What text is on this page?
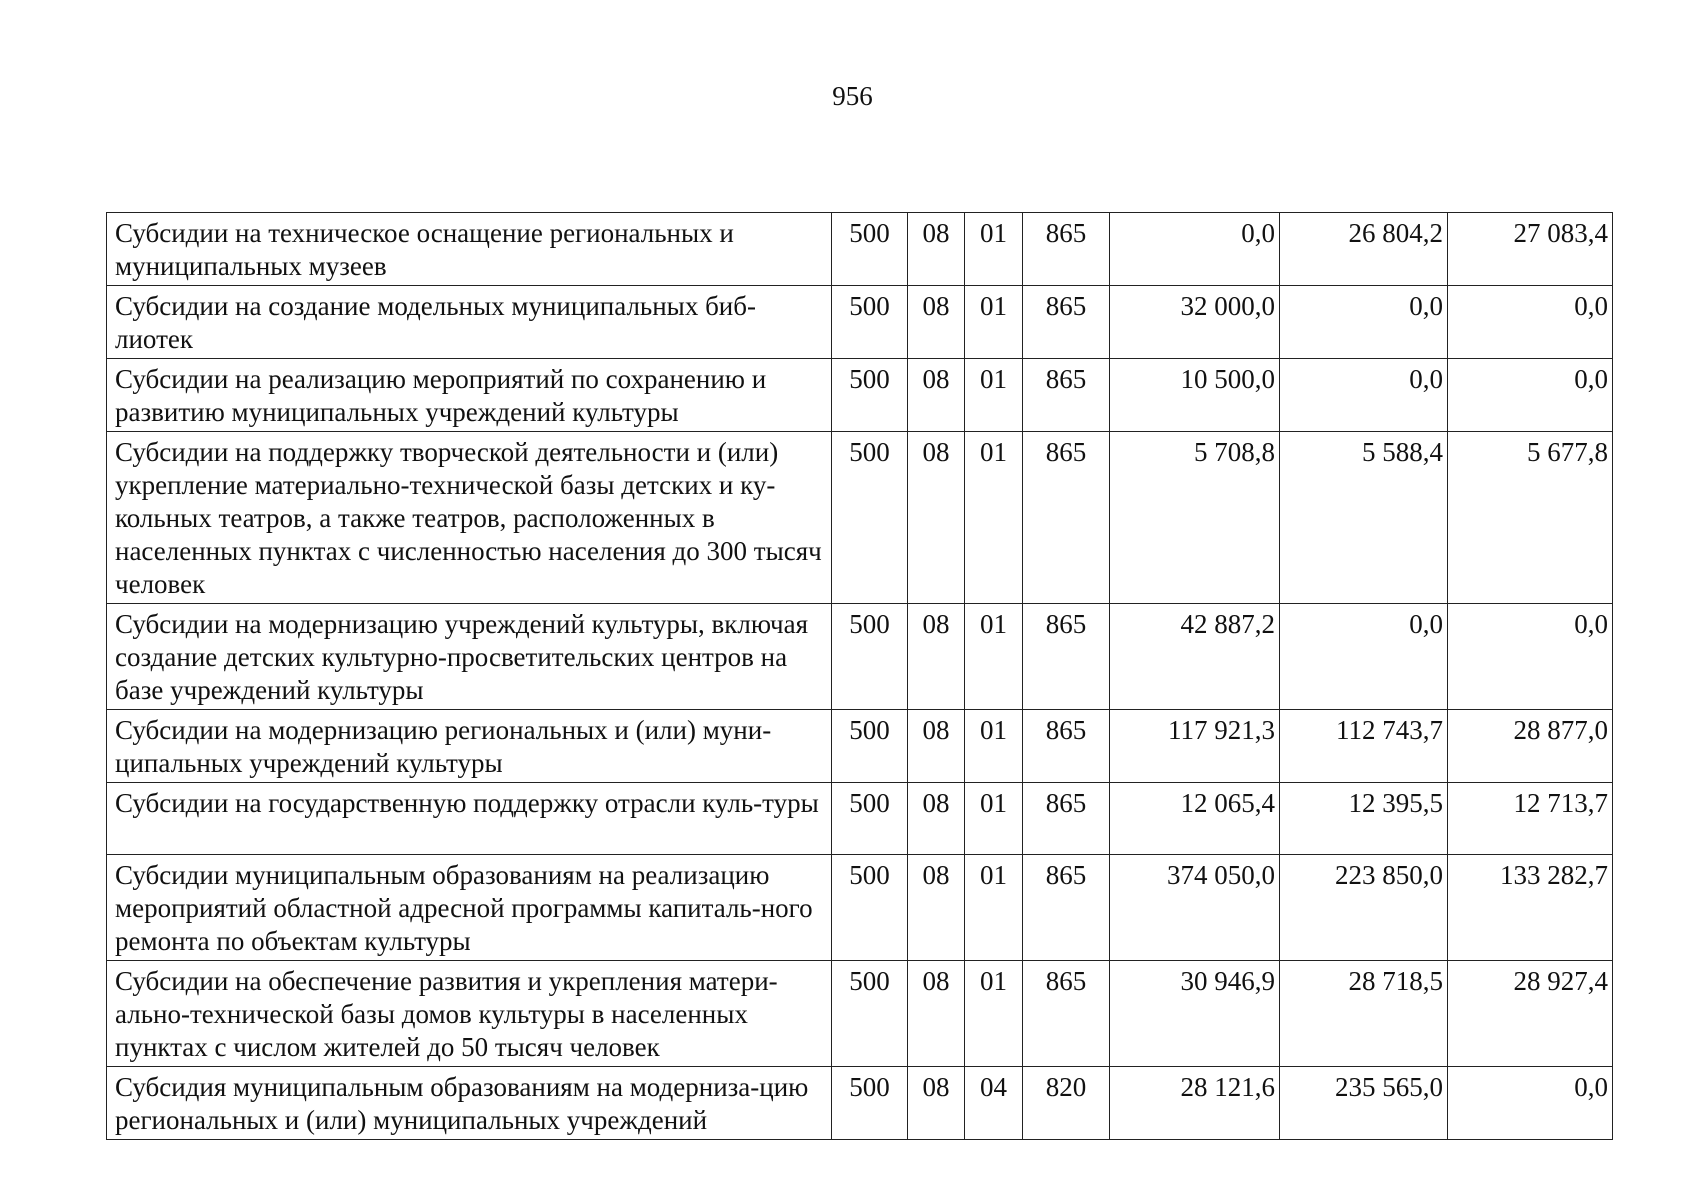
956
Субсидии на техническое оснащение региональных и муниципальных музеев	500	08	01	865	0,0	26 804,2	27 083,4
Субсидии на создание модельных муниципальных биб-лиотек	500	08	01	865	32 000,0	0,0	0,0
Субсидии на реализацию мероприятий по сохранению и развитию муниципальных учреждений культуры	500	08	01	865	10 500,0	0,0	0,0
Субсидии на поддержку творческой деятельности и (или) укрепление материально-технической базы детских и ку-кольных театров, а также театров, расположенных в населенных пунктах с численностью населения до 300 тысяч человек	500	08	01	865	5 708,8	5 588,4	5 677,8
Субсидии на модернизацию учреждений культуры, включая создание детских культурно-просветительских центров на базе учреждений культуры	500	08	01	865	42 887,2	0,0	0,0
Субсидии на модернизацию региональных и (или) муни-ципальных учреждений культуры	500	08	01	865	117 921,3	112 743,7	28 877,0
Субсидии на государственную поддержку отрасли куль-туры	500	08	01	865	12 065,4	12 395,5	12 713,7
Субсидии муниципальным образованиям на реализацию мероприятий областной адресной программы капиталь-ного ремонта по объектам культуры	500	08	01	865	374 050,0	223 850,0	133 282,7
Субсидии на обеспечение развития и укрепления матери-ально-технической базы домов культуры в населенных пунктах с числом жителей до 50 тысяч человек	500	08	01	865	30 946,9	28 718,5	28 927,4
Субсидия муниципальным образованиям на модерниза-цию региональных и (или) муниципальных учреждений	500	08	04	820	28 121,6	235 565,0	0,0
